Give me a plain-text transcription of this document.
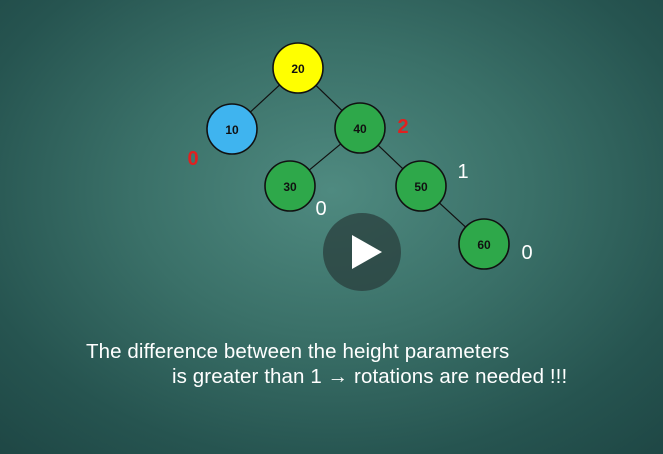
20
10	40
30	50
60
0
2
0
1
0
The difference between the height parameters
is greater than 1 → rotations are needed !!!
